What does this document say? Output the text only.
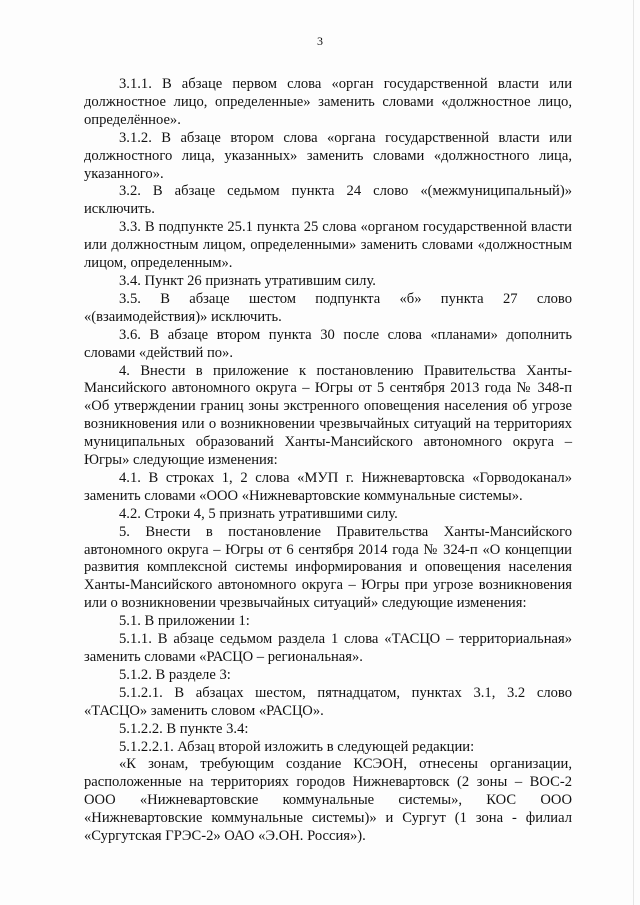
3

3.1.1. В абзаце первом слова «орган государственной власти или должностное лицо, определенные» заменить словами «должностное лицо, определённое».

3.1.2. В абзаце втором слова «органа государственной власти или должностного лица, указанных» заменить словами «должностного лица, указанного».

3.2. В абзаце седьмом пункта 24 слово «(межмуниципальный)» исключить.

3.3. В подпункте 25.1 пункта 25 слова «органом государственной власти или должностным лицом, определенными» заменить словами «должностным лицом, определенным».

3.4. Пункт 26 признать утратившим силу.

3.5. В абзаце шестом подпункта «б» пункта 27 слово «(взаимодействия)» исключить.

3.6. В абзаце втором пункта 30 после слова «планами» дополнить словами «действий по».

4. Внести в приложение к постановлению Правительства Ханты-Мансийского автономного округа – Югры от 5 сентября 2013 года № 348-п «Об утверждении границ зоны экстренного оповещения населения об угрозе возникновения или о возникновении чрезвычайных ситуаций на территориях муниципальных образований Ханты-Мансийского автономного округа – Югры» следующие изменения:

4.1. В строках 1, 2 слова «МУП г. Нижневартовска «Горводоканал» заменить словами «ООО «Нижневартовские коммунальные системы».

4.2. Строки 4, 5 признать утратившими силу.

5. Внести в постановление Правительства Ханты-Мансийского автономного округа – Югры от 6 сентября 2014 года № 324-п «О концепции развития комплексной системы информирования и оповещения населения Ханты-Мансийского автономного округа – Югры при угрозе возникновения или о возникновении чрезвычайных ситуаций» следующие изменения:

5.1. В приложении 1:

5.1.1. В абзаце седьмом раздела 1 слова «ТАСЦО – территориальная» заменить словами «РАСЦО – региональная».

5.1.2. В разделе 3:

5.1.2.1. В абзацах шестом, пятнадцатом, пунктах 3.1, 3.2 слово «ТАСЦО» заменить словом «РАСЦО».

5.1.2.2. В пункте 3.4:

5.1.2.2.1. Абзац второй изложить в следующей редакции:

«К зонам, требующим создание КСЭОН, отнесены организации, расположенные на территориях городов Нижневартовск (2 зоны – ВОС-2 ООО «Нижневартовские коммунальные системы», КОС ООО «Нижневартовские коммунальные системы)» и Сургут (1 зона - филиал «Сургутская ГРЭС-2» ОАО «Э.ОН. Россия»).
